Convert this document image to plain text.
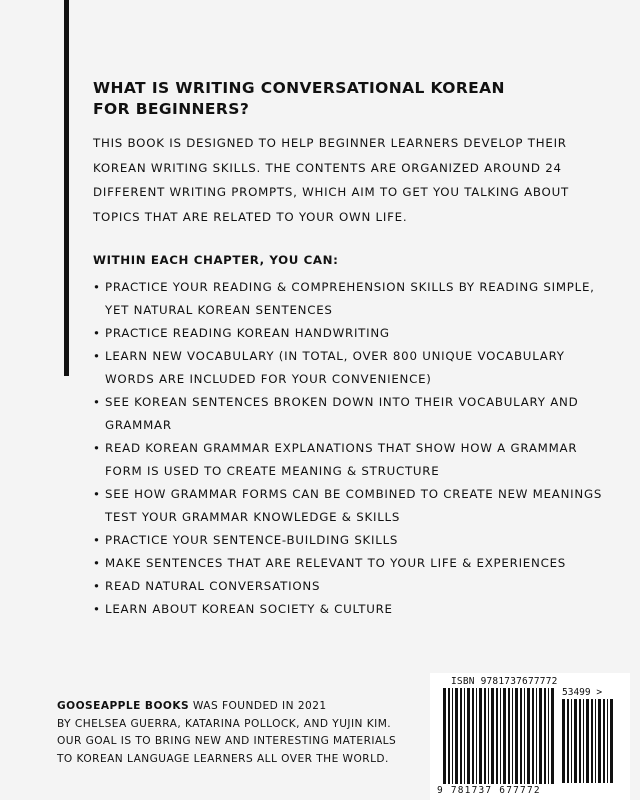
WHAT IS WRITING CONVERSATIONAL KOREAN
FOR BEGINNERS?
THIS BOOK IS DESIGNED TO HELP BEGINNER LEARNERS DEVELOP THEIR
KOREAN WRITING SKILLS. THE CONTENTS ARE ORGANIZED AROUND 24
DIFFERENT WRITING PROMPTS, WHICH AIM TO GET YOU TALKING ABOUT
TOPICS THAT ARE RELATED TO YOUR OWN LIFE.
WITHIN EACH CHAPTER, YOU CAN:
• PRACTICE YOUR READING & COMPREHENSION SKILLS BY READING SIMPLE,
YET NATURAL KOREAN SENTENCES
• PRACTICE READING KOREAN HANDWRITING
• LEARN NEW VOCABULARY (IN TOTAL, OVER 800 UNIQUE VOCABULARY
WORDS ARE INCLUDED FOR YOUR CONVENIENCE)
• SEE KOREAN SENTENCES BROKEN DOWN INTO THEIR VOCABULARY AND
GRAMMAR
• READ KOREAN GRAMMAR EXPLANATIONS THAT SHOW HOW A GRAMMAR
FORM IS USED TO CREATE MEANING & STRUCTURE
• SEE HOW GRAMMAR FORMS CAN BE COMBINED TO CREATE NEW MEANINGS
TEST YOUR GRAMMAR KNOWLEDGE & SKILLS
• PRACTICE YOUR SENTENCE-BUILDING SKILLS
• MAKE SENTENCES THAT ARE RELEVANT TO YOUR LIFE & EXPERIENCES
• READ NATURAL CONVERSATIONS
• LEARN ABOUT KOREAN SOCIETY & CULTURE
GOOSEAPPLE BOOKS WAS FOUNDED IN 2021
BY CHELSEA GUERRA, KATARINA POLLOCK, AND YUJIN KIM.
OUR GOAL IS TO BRING NEW AND INTERESTING MATERIALS
TO KOREAN LANGUAGE LEARNERS ALL OVER THE WORLD.
ISBN 9781737677772
53499 >
9 781737 677772
